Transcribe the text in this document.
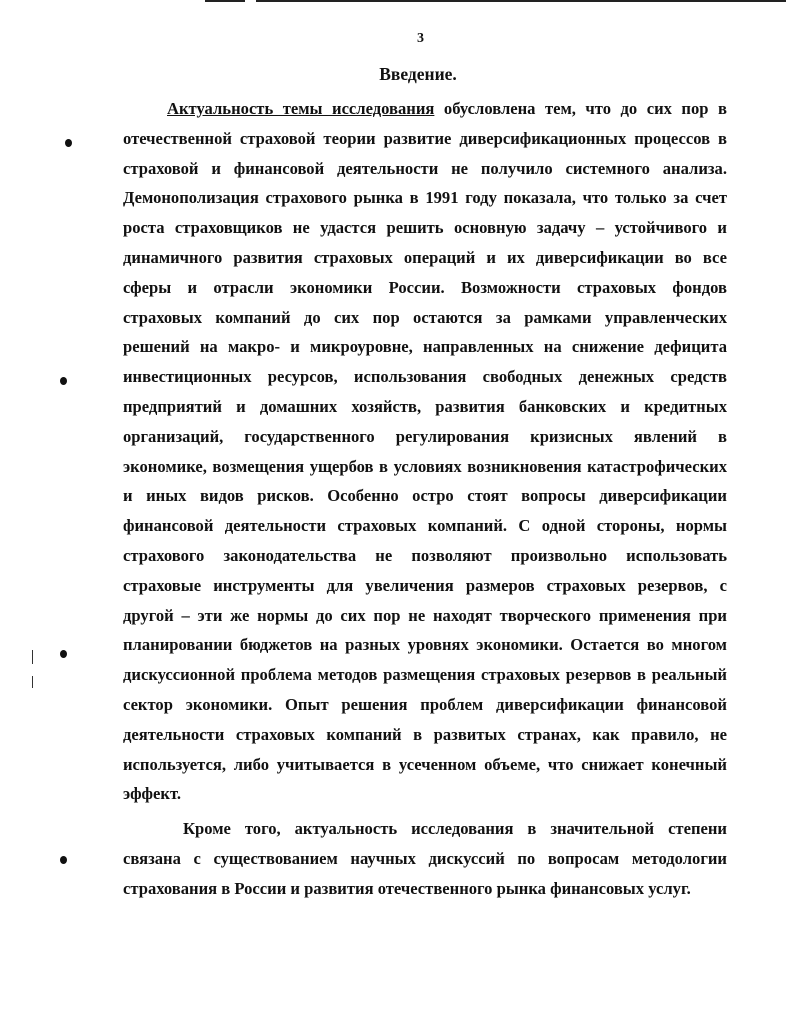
3
Введение.
Актуальность темы исследования обусловлена тем, что до сих пор в
отечественной страховой теории развитие диверсификационных процессов в
страховой и финансовой деятельности не получило системного анализа.
Демонополизация страхового рынка в 1991 году показала, что только за счет
роста страховщиков не удастся решить основную задачу – устойчивого и
динамичного развития страховых операций и их диверсификации во все
сферы и отрасли экономики России. Возможности страховых фондов
страховых компаний до сих пор остаются за рамками управленческих
решений на макро- и микроуровне, направленных на снижение дефицита
инвестиционных ресурсов, использования свободных денежных средств
предприятий и домашних хозяйств, развития банковских и кредитных
организаций, государственного регулирования кризисных явлений в
экономике, возмещения ущербов в условиях возникновения катастрофических
и иных видов рисков. Особенно остро стоят вопросы диверсификации
финансовой деятельности страховых компаний. С одной стороны, нормы
страхового законодательства не позволяют произвольно использовать
страховые инструменты для увеличения размеров страховых резервов, с
другой – эти же нормы до сих пор не находят творческого применения при
планировании бюджетов на разных уровнях экономики. Остается во многом
дискуссионной проблема методов размещения страховых резервов в реальный
сектор экономики. Опыт решения проблем диверсификации финансовой
деятельности страховых компаний в развитых странах, как правило, не
используется, либо учитывается в усеченном объеме, что снижает конечный
эффект.
Кроме того, актуальность исследования в значительной степени
связана с существованием научных дискуссий по вопросам методологии
страхования в России и развития отечественного рынка финансовых услуг.
